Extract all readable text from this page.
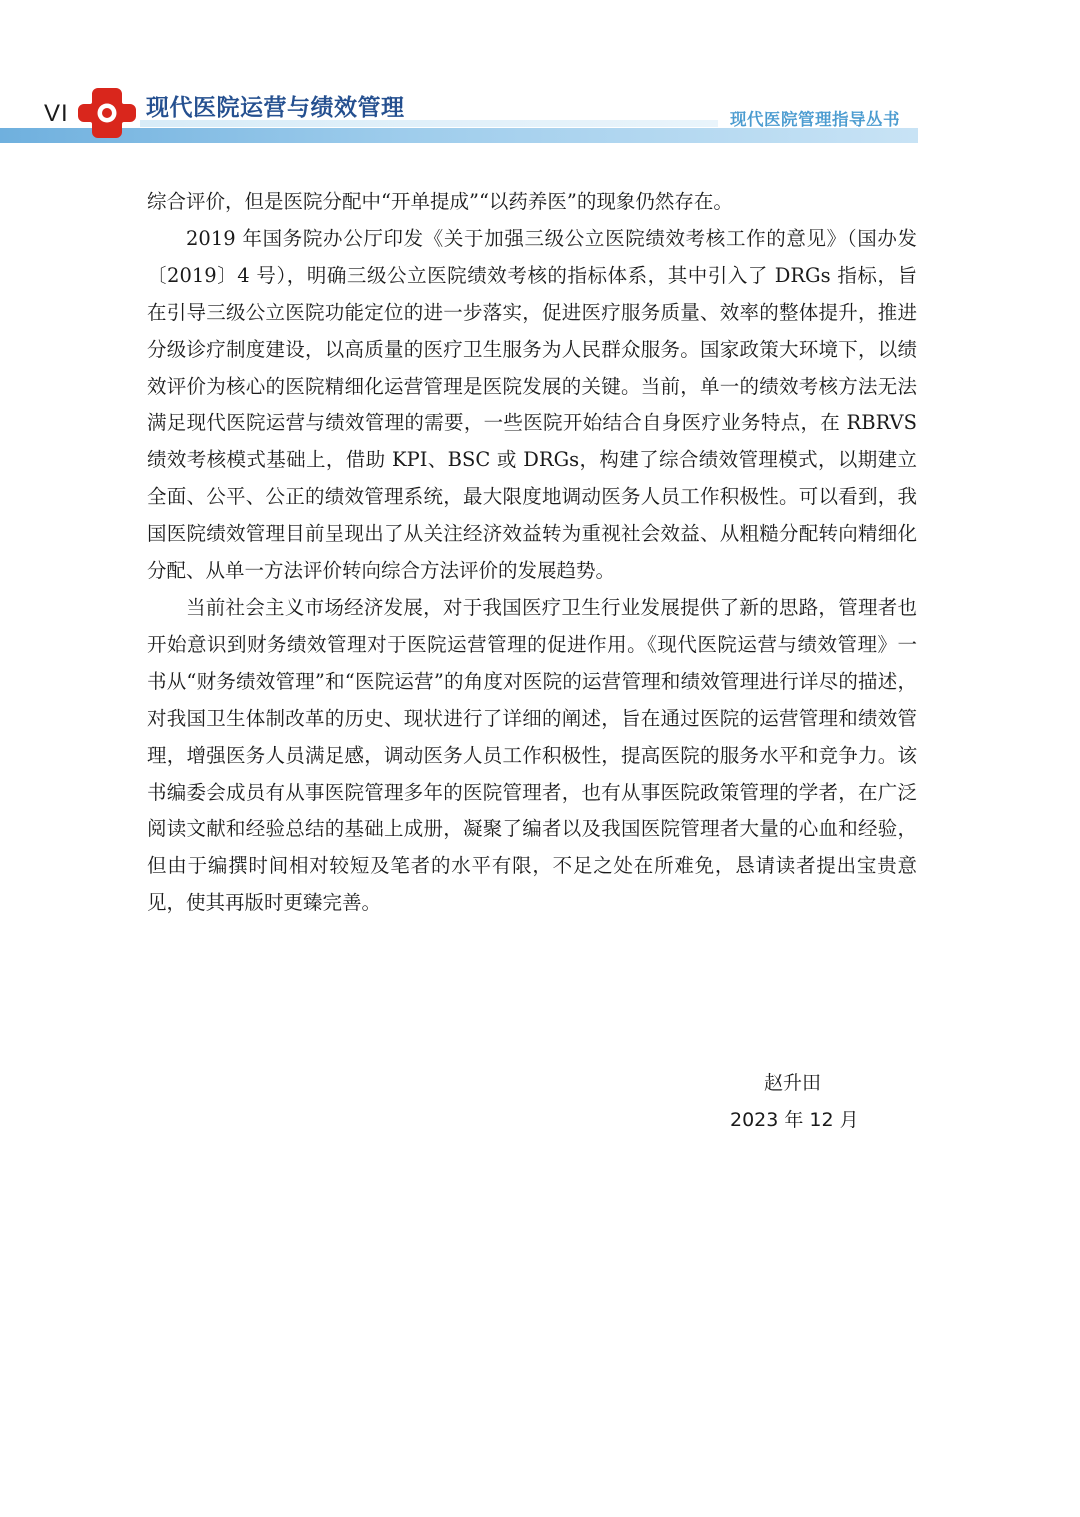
VI	现代医院运营与绩效管理	现代医院管理指导丛书

综合评价，但是医院分配中“开单提成”“以药养医”的现象仍然存在。

2019 年国务院办公厅印发《关于加强三级公立医院绩效考核工作的意见》（国办发〔2019〕4 号），明确三级公立医院绩效考核的指标体系，其中引入了 DRGs 指标，旨在引导三级公立医院功能定位的进一步落实，促进医疗服务质量、效率的整体提升，推进分级诊疗制度建设，以高质量的医疗卫生服务为人民群众服务。国家政策大环境下，以绩效评价为核心的医院精细化运营管理是医院发展的关键。当前，单一的绩效考核方法无法满足现代医院运营与绩效管理的需要，一些医院开始结合自身医疗业务特点，在 RBRVS 绩效考核模式基础上，借助 KPI、BSC 或 DRGs，构建了综合绩效管理模式，以期建立全面、公平、公正的绩效管理系统，最大限度地调动医务人员工作积极性。可以看到，我国医院绩效管理目前呈现出了从关注经济效益转为重视社会效益、从粗糙分配转向精细化分配、从单一方法评价转向综合方法评价的发展趋势。

当前社会主义市场经济发展，对于我国医疗卫生行业发展提供了新的思路，管理者也开始意识到财务绩效管理对于医院运营管理的促进作用。《现代医院运营与绩效管理》一书从“财务绩效管理”和“医院运营”的角度对医院的运营管理和绩效管理进行详尽的描述，对我国卫生体制改革的历史、现状进行了详细的阐述，旨在通过医院的运营管理和绩效管理，增强医务人员满足感，调动医务人员工作积极性，提高医院的服务水平和竞争力。该书编委会成员有从事医院管理多年的医院管理者，也有从事医院政策管理的学者，在广泛阅读文献和经验总结的基础上成册，凝聚了编者以及我国医院管理者大量的心血和经验，但由于编撰时间相对较短及笔者的水平有限，不足之处在所难免，恳请读者提出宝贵意见，使其再版时更臻完善。

赵升田
2023 年 12 月
